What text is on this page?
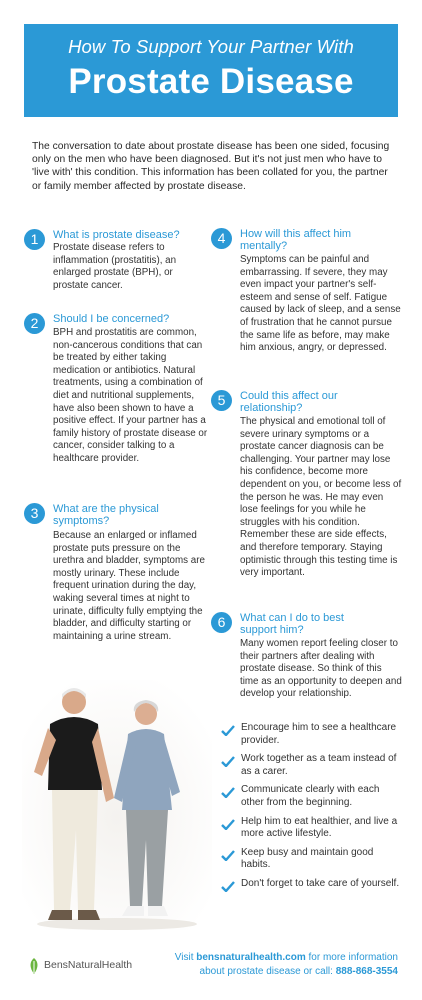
How To Support Your Partner With
Prostate Disease
The conversation to date about prostate disease has been one sided, focusing only on the men who have been diagnosed. But it's not just men who have to 'live with' this condition. This information has been collated for you, the partner or family member affected by prostate disease.
1	What is prostate disease?
Prostate disease refers to inflammation (prostatitis), an enlarged prostate (BPH), or prostate cancer.
2	Should I be concerned?
BPH and prostatitis are common, non-cancerous conditions that can be treated by either taking medication or antibiotics. Natural treatments, using a combination of diet and nutritional supplements, have also been shown to have a positive effect. If your partner has a family history of prostate disease or cancer, consider talking to a healthcare provider.
3	What are the physical symptoms?
Because an enlarged or inflamed prostate puts pressure on the urethra and bladder, symptoms are mostly urinary. These include frequent urination during the day, waking several times at night to urinate, difficulty fully emptying the bladder, and difficulty starting or maintaining a urine stream.
4	How will this affect him mentally?
Symptoms can be painful and embarrassing. If severe, they may even impact your partner's self-esteem and sense of self. Fatigue caused by lack of sleep, and a sense of frustration that he cannot pursue the same life as before, may make him anxious, angry, or depressed.
5	Could this affect our relationship?
The physical and emotional toll of severe urinary symptoms or a prostate cancer diagnosis can be challenging. Your partner may lose his confidence, become more dependent on you, or become less of the person he was. He may even lose feelings for you while he struggles with his condition. Remember these are side effects, and therefore temporary. Staying optimistic through this testing time is very important.
6	What can I do to best support him?
Many women report feeling closer to their partners after dealing with prostate disease. So think of this time as an opportunity to deepen and develop your relationship.
Encourage him to see a healthcare provider.
Work together as a team instead of as a carer.
Communicate clearly with each other from the beginning.
Help him to eat healthier, and live a more active lifestyle.
Keep busy and maintain good habits.
Don't forget to take care of yourself.
BensNaturalHealth
Visit bensnaturalhealth.com for more information
about prostate disease or call: 888-868-3554
